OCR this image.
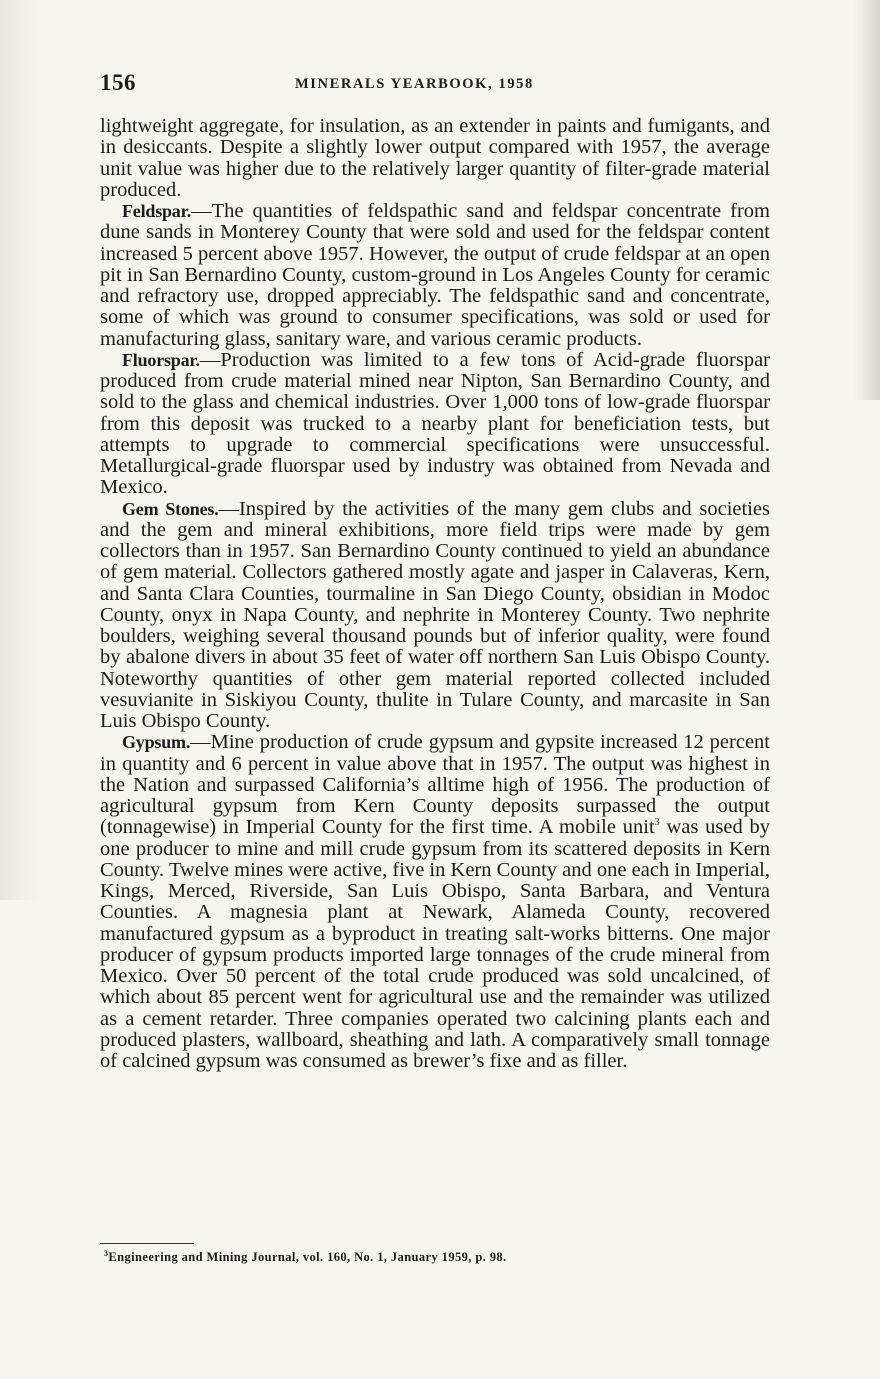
156	MINERALS YEARBOOK, 1958

lightweight aggregate, for insulation, as an extender in paints and fumigants, and in desiccants. Despite a slightly lower output compared with 1957, the average unit value was higher due to the relatively larger quantity of filter-grade material produced.

Feldspar.—The quantities of feldspathic sand and feldspar concentrate from dune sands in Monterey County that were sold and used for the feldspar content increased 5 percent above 1957. However, the output of crude feldspar at an open pit in San Bernardino County, custom-ground in Los Angeles County for ceramic and refractory use, dropped appreciably. The feldspathic sand and concentrate, some of which was ground to consumer specifications, was sold or used for manufacturing glass, sanitary ware, and various ceramic products.

Fluorspar.—Production was limited to a few tons of Acid-grade fluorspar produced from crude material mined near Nipton, San Bernardino County, and sold to the glass and chemical industries. Over 1,000 tons of low-grade fluorspar from this deposit was trucked to a nearby plant for beneficiation tests, but attempts to upgrade to commercial specifications were unsuccessful. Metallurgical-grade fluorspar used by industry was obtained from Nevada and Mexico.

Gem Stones.—Inspired by the activities of the many gem clubs and societies and the gem and mineral exhibitions, more field trips were made by gem collectors than in 1957. San Bernardino County continued to yield an abundance of gem material. Collectors gathered mostly agate and jasper in Calaveras, Kern, and Santa Clara Counties, tourmaline in San Diego County, obsidian in Modoc County, onyx in Napa County, and nephrite in Monterey County. Two nephrite boulders, weighing several thousand pounds but of inferior quality, were found by abalone divers in about 35 feet of water off northern San Luis Obispo County. Noteworthy quantities of other gem material reported collected included vesuvianite in Siskiyou County, thulite in Tulare County, and marcasite in San Luis Obispo County.

Gypsum.—Mine production of crude gypsum and gypsite increased 12 percent in quantity and 6 percent in value above that in 1957. The output was highest in the Nation and surpassed California’s alltime high of 1956. The production of agricultural gypsum from Kern County deposits surpassed the output (tonnagewise) in Imperial County for the first time. A mobile unit$^3$ was used by one producer to mine and mill crude gypsum from its scattered deposits in Kern County. Twelve mines were active, five in Kern County and one each in Imperial, Kings, Merced, Riverside, San Luis Obispo, Santa Barbara, and Ventura Counties. A magnesia plant at Newark, Alameda County, recovered manufactured gypsum as a byproduct in treating salt-works bitterns. One major producer of gypsum products imported large tonnages of the crude mineral from Mexico. Over 50 percent of the total crude produced was sold uncalcined, of which about 85 percent went for agricultural use and the remainder was utilized as a cement retarder. Three companies operated two calcining plants each and produced plasters, wallboard, sheathing and lath. A comparatively small tonnage of calcined gypsum was consumed as brewer’s fixe and as filler.

$^3$Engineering and Mining Journal, vol. 160, No. 1, January 1959, p. 98.
